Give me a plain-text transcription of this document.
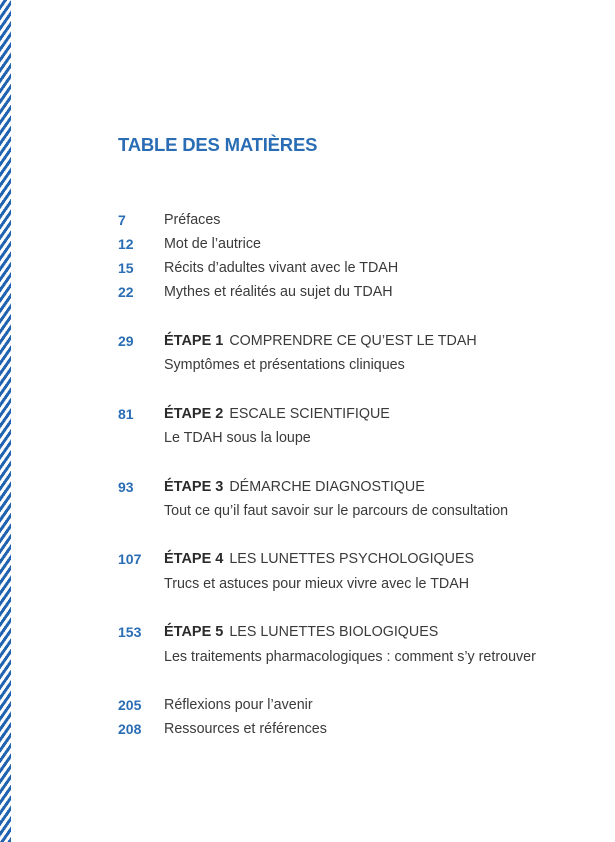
TABLE DES MATIÈRES
7	Préfaces
12 Mot de l’autrice
15 Récits d’adultes vivant avec le TDAH
22 Mythes et réalités au sujet du TDAH
29 ÉTAPE 1 COMPRENDRE CE QU’EST LE TDAH
Symptômes et présentations cliniques
81 ÉTAPE 2 ESCALE SCIENTIFIQUE
Le TDAH sous la loupe
93 ÉTAPE 3 DÉMARCHE DIAGNOSTIQUE
Tout ce qu’il faut savoir sur le parcours de consultation
107 ÉTAPE 4 LES LUNETTES PSYCHOLOGIQUES
Trucs et astuces pour mieux vivre avec le TDAH
153 ÉTAPE 5 LES LUNETTES BIOLOGIQUES
Les traitements pharmacologiques : comment s’y retrouver
205 Réflexions pour l’avenir
208 Ressources et références
